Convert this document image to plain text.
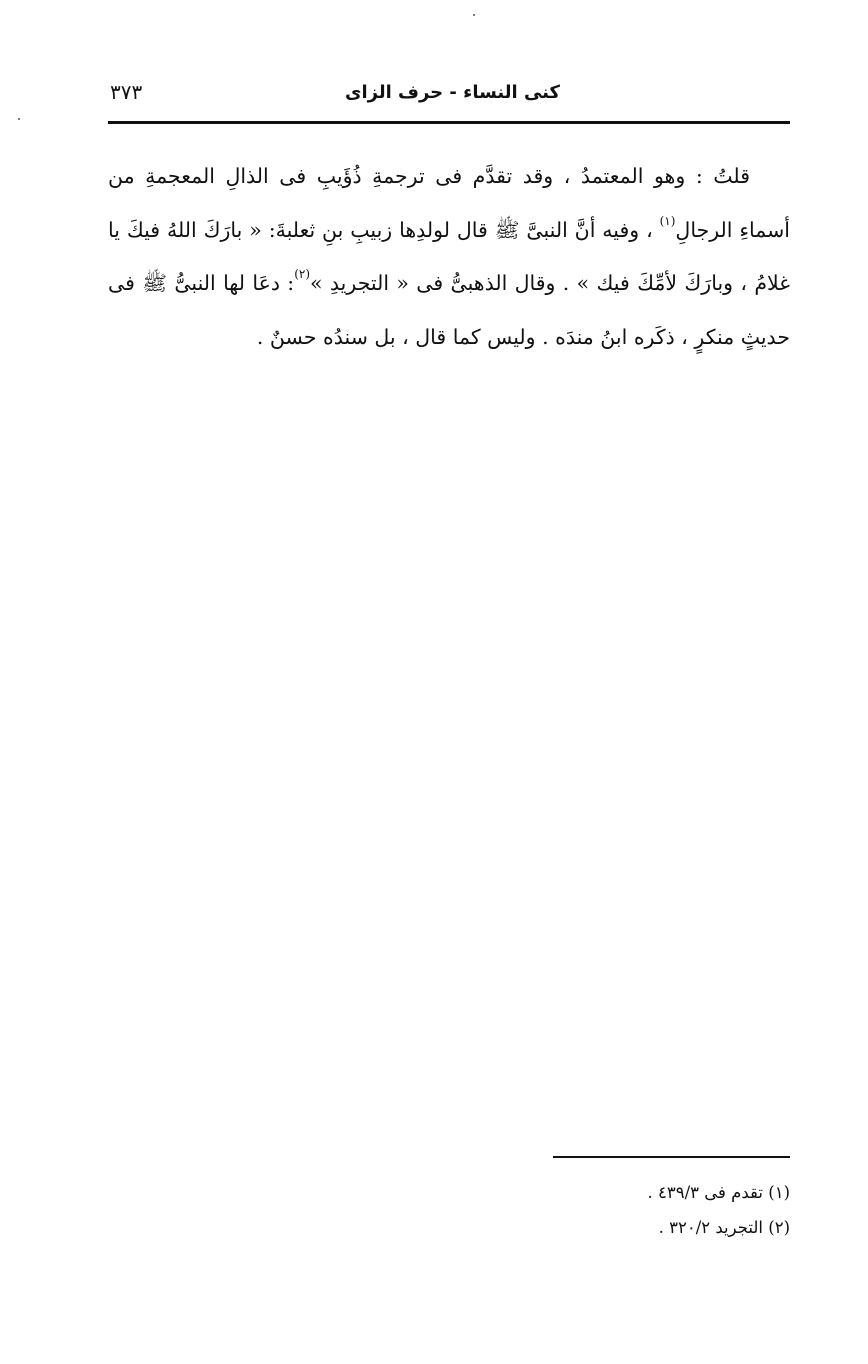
كنى النساء - حرف الزاى
٣٧٣

قلتُ : وهو المعتمدُ ، وقد تقدَّم فى ترجمةِ ذُؤَيبِ فى الذالِ المعجمةِ من أسماءِ الرجالِ$^{(١)}$ ، وفيه أنَّ النبىَّ ﷺ قال لولدِها زبيبِ بنِ ثعلبةَ: « بارَكَ اللهُ فيكَ يا غلامُ ، وبارَكَ لأمِّكَ فيك » . وقال الذهبىُّ فى « التجريدِ »$^{(٢)}$: دعَا لها النبىُّ ﷺ فى حديثٍ منكرٍ ، ذكَره ابنُ مندَه . وليس كما قال ، بل سندُه حسنٌ .

(١) تقدم فى ٤٣٩/٣ .
(٢) التجريد ٣٢٠/٢ .
